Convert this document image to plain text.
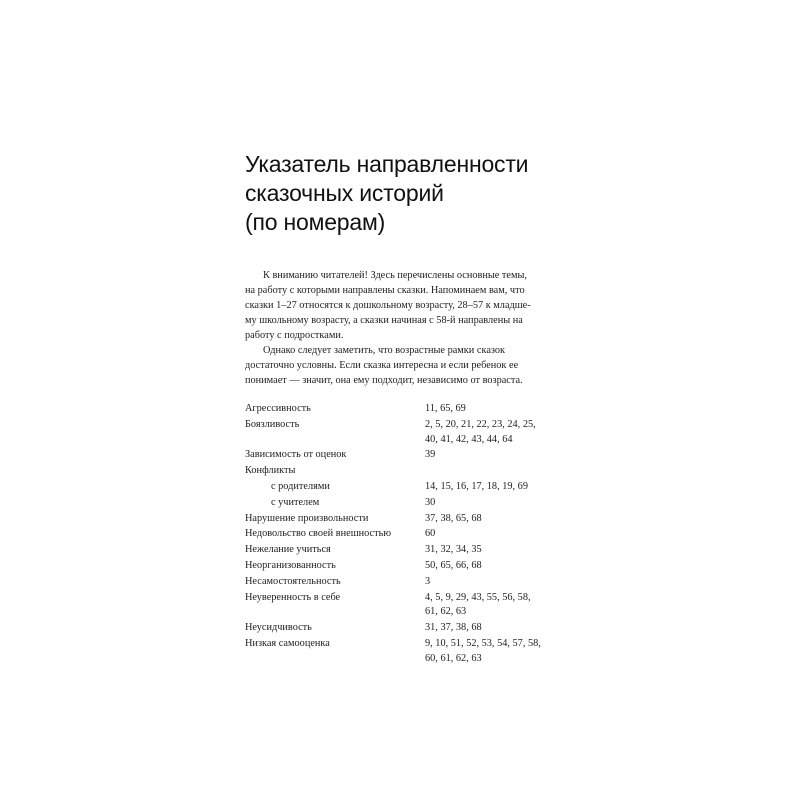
Указатель направленности
сказочных историй
(по номерам)

К вниманию читателей! Здесь перечислены основные темы,
на работу с которыми направлены сказки. Напоминаем вам, что
сказки 1–27 относятся к дошкольному возрасту, 28–57 к младше-
му школьному возрасту, а сказки начиная с 58-й направлены на
работу с подростками.

Однако следует заметить, что возрастные рамки сказок
достаточно условны. Если сказка интересна и если ребенок ее
понимает — значит, она ему подходит, независимо от возраста.

Агрессивность	11, 65, 69
Боязливость	2, 5, 20, 21, 22, 23, 24, 25,
40, 41, 42, 43, 44, 64
Зависимость от оценок	39
Конфликты
с родителями	14, 15, 16, 17, 18, 19, 69
с учителем	30
Нарушение произвольности	37, 38, 65, 68
Недовольство своей внешностью	60
Нежелание учиться	31, 32, 34, 35
Неорганизованность	50, 65, 66, 68
Несамостоятельность	3
Неуверенность в себе	4, 5, 9, 29, 43, 55, 56, 58,
61, 62, 63
Неусидчивость	31, 37, 38, 68
Низкая самооценка	9, 10, 51, 52, 53, 54, 57, 58,
60, 61, 62, 63
